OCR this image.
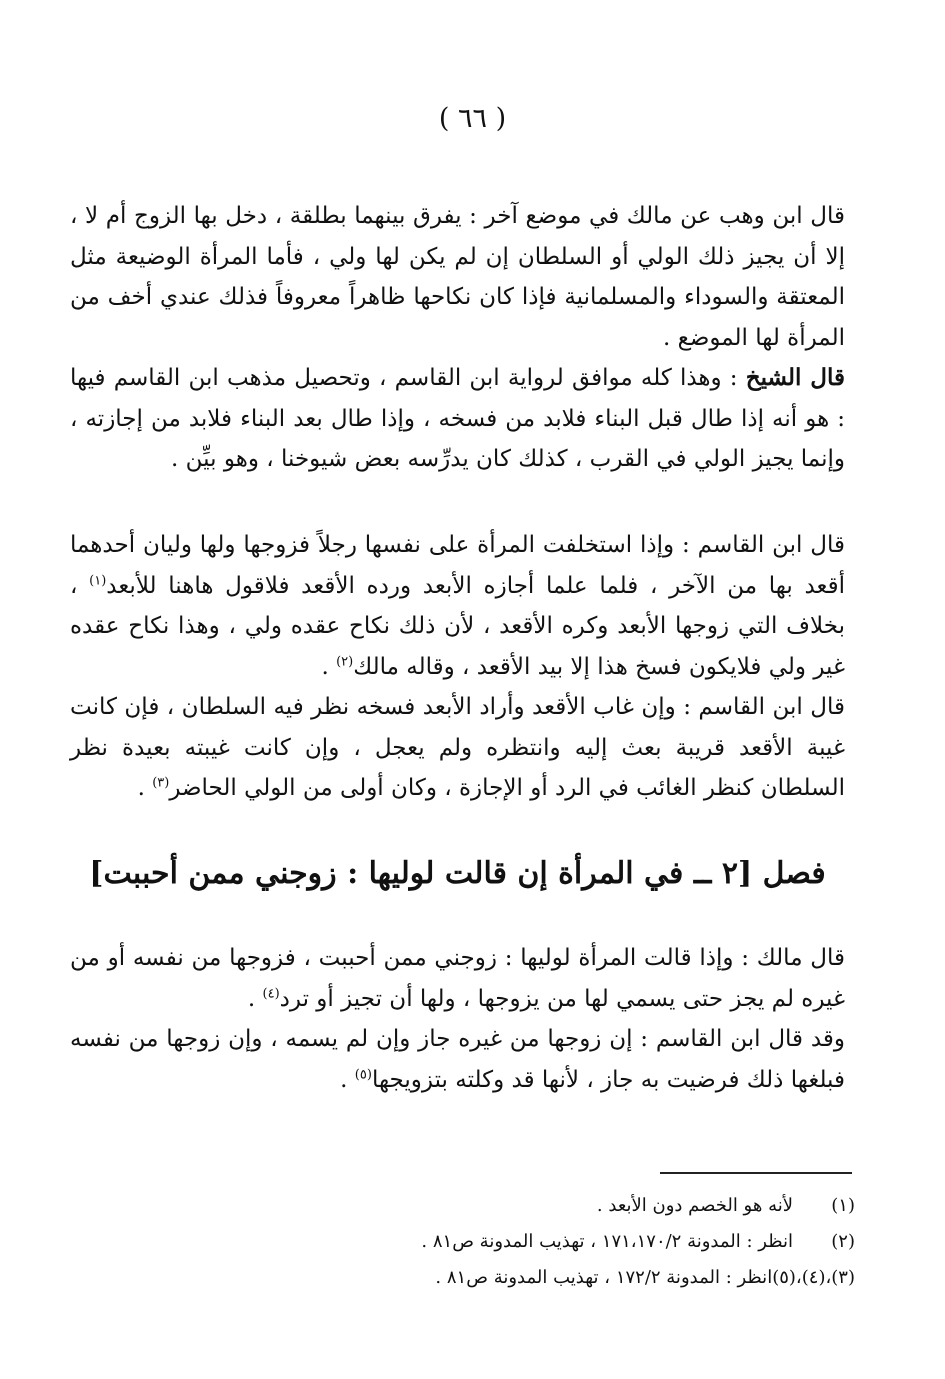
( ٦٦ )

قال ابن وهب عن مالك في موضع آخر : يفرق بينهما بطلقة ، دخل بها الزوج أم لا ، إلا أن يجيز ذلك الولي أو السلطان إن لم يكن لها ولي ، فأما المرأة الوضيعة مثل المعتقة والسوداء والمسلمانية فإذا كان نكاحها ظاهراً معروفاً فذلك عندي أخف من المرأة لها الموضع .

قال الشيخ : وهذا كله موافق لرواية ابن القاسم ، وتحصيل مذهب ابن القاسم فيها : هو أنه إذا طال قبل البناء فلابد من فسخه ، وإذا طال بعد البناء فلابد من إجازته ، وإنما يجيز الولي في القرب ، كذلك كان يدرِّسه بعض شيوخنا ، وهو بيِّن .

قال ابن القاسم : وإذا استخلفت المرأة على نفسها رجلاً فزوجها ولها وليان أحدهما أقعد بها من الآخر ، فلما علما أجازه الأبعد ورده الأقعد فلاقول هاهنا للأبعد$^{(١)}$ ، بخلاف التي زوجها الأبعد وكره الأقعد ، لأن ذلك نكاح عقده ولي ، وهذا نكاح عقده غير ولي فلايكون فسخ هذا إلا بيد الأقعد ، وقاله مالك$^{(٢)}$ .

قال ابن القاسم : وإن غاب الأقعد وأراد الأبعد فسخه نظر فيه السلطان ، فإن كانت غيبة الأقعد قريبة بعث إليه وانتظره ولم يعجل ، وإن كانت غيبته بعيدة نظر السلطان كنظر الغائب في الرد أو الإجازة ، وكان أولى من الولي الحاضر$^{(٣)}$ .

فصل [٢ ــ في المرأة إن قالت لوليها : زوجني ممن أحببت]

قال مالك : وإذا قالت المرأة لوليها : زوجني ممن أحببت ، فزوجها من نفسه أو من غيره لم يجز حتى يسمي لها من يزوجها ، ولها أن تجيز أو ترد$^{(٤)}$ .

وقد قال ابن القاسم : إن زوجها من غيره جاز وإن لم يسمه ، وإن زوجها من نفسه فبلغها ذلك فرضيت به جاز ، لأنها قد وكلته بتزويجها$^{(٥)}$ .

(١)
لأنه هو الخصم دون الأبعد .
(٢)
انظر : المدونة ١٧١،١٧٠/٢ ، تهذيب المدونة ص٨١ .
(٣)،(٤)،(٥)
انظر : المدونة ١٧٢/٢ ، تهذيب المدونة ص٨١ .
